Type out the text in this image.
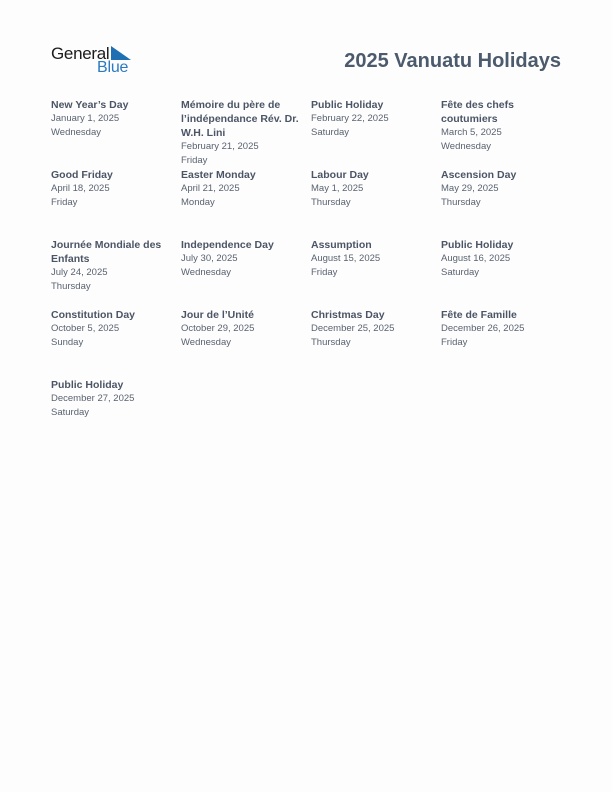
General
Blue	2025 Vanuatu Holidays
New Year’s Day
January 1, 2025
Wednesday
Mémoire du père de l’indépendance Rév. Dr. W.H. Lini
February 21, 2025
Friday
Public Holiday
February 22, 2025
Saturday
Fête des chefs coutumiers
March 5, 2025
Wednesday
Good Friday
April 18, 2025
Friday
Easter Monday
April 21, 2025
Monday
Labour Day
May 1, 2025
Thursday
Ascension Day
May 29, 2025
Thursday
Journée Mondiale des Enfants
July 24, 2025
Thursday
Independence Day
July 30, 2025
Wednesday
Assumption
August 15, 2025
Friday
Public Holiday
August 16, 2025
Saturday
Constitution Day
October 5, 2025
Sunday
Jour de l’Unité
October 29, 2025
Wednesday
Christmas Day
December 25, 2025
Thursday
Fête de Famille
December 26, 2025
Friday
Public Holiday
December 27, 2025
Saturday
